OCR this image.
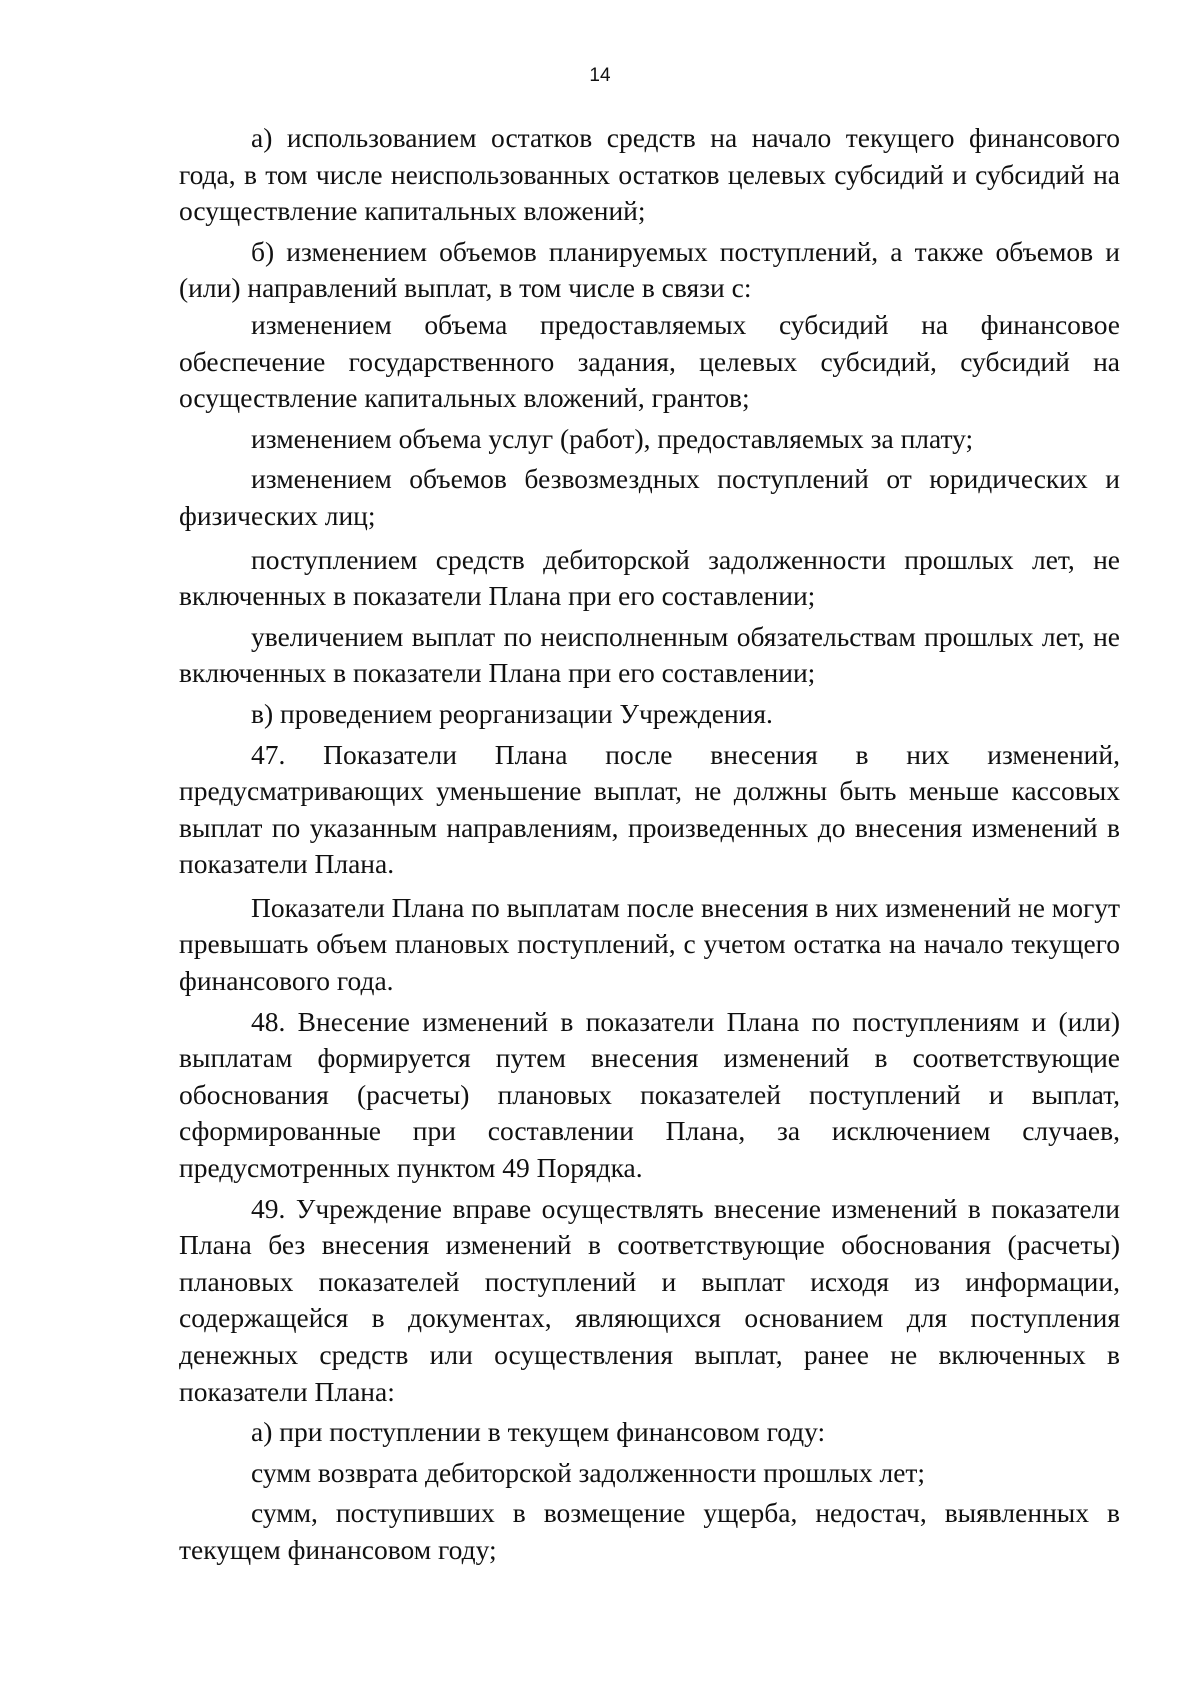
14

а) использованием остатков средств на начало текущего финансового года, в том числе неиспользованных остатков целевых субсидий и субсидий на осуществление капитальных вложений;

б) изменением объемов планируемых поступлений, а также объемов и (или) направлений выплат, в том числе в связи с:

изменением объема предоставляемых субсидий на финансовое обеспечение государственного задания, целевых субсидий, субсидий на осуществление капитальных вложений, грантов;

изменением объема услуг (работ), предоставляемых за плату;

изменением объемов безвозмездных поступлений от юридических и физических лиц;

поступлением средств дебиторской задолженности прошлых лет, не включенных в показатели Плана при его составлении;

увеличением выплат по неисполненным обязательствам прошлых лет, не включенных в показатели Плана при его составлении;

в) проведением реорганизации Учреждения.

47. Показатели Плана после внесения в них изменений, предусматривающих уменьшение выплат, не должны быть меньше кассовых выплат по указанным направлениям, произведенных до внесения изменений в показатели Плана.

Показатели Плана по выплатам после внесения в них изменений не могут превышать объем плановых поступлений, с учетом остатка на начало текущего финансового года.

48. Внесение изменений в показатели Плана по поступлениям и (или) выплатам формируется путем внесения изменений в соответствующие обоснования (расчеты) плановых показателей поступлений и выплат, сформированные при составлении Плана, за исключением случаев, предусмотренных пунктом 49 Порядка.

49. Учреждение вправе осуществлять внесение изменений в показатели Плана без внесения изменений в соответствующие обоснования (расчеты) плановых показателей поступлений и выплат исходя из информации, содержащейся в документах, являющихся основанием для поступления денежных средств или осуществления выплат, ранее не включенных в показатели Плана:

а) при поступлении в текущем финансовом году:

сумм возврата дебиторской задолженности прошлых лет;

сумм, поступивших в возмещение ущерба, недостач, выявленных в текущем финансовом году;
